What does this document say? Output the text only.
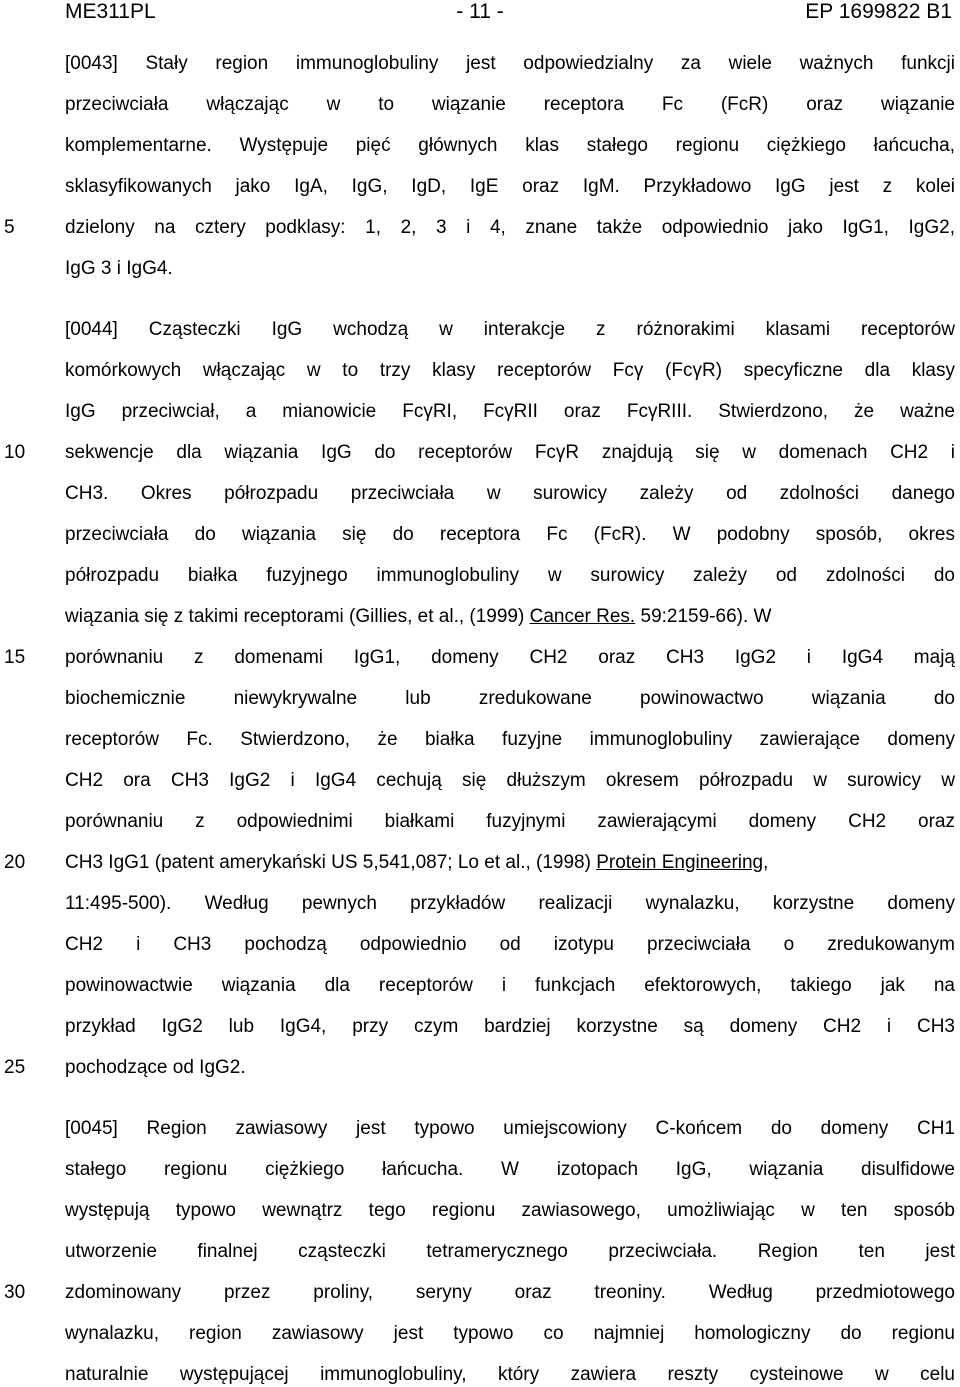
ME311PL	- 11 -	EP 1699822 B1
[0043] Stały region immunoglobuliny jest odpowiedzialny za wiele ważnych funkcji
przeciwciała włączając w to wiązanie receptora Fc (FcR) oraz wiązanie
komplementarne. Występuje pięć głównych klas stałego regionu ciężkiego łańcucha,
sklasyfikowanych jako IgA, IgG, IgD, IgE oraz IgM. Przykładowo IgG jest z kolei
dzielony na cztery podklasy: 1, 2, 3 i 4, znane także odpowiednio jako IgG1, IgG2,
IgG 3 i IgG4.
[0044] Cząsteczki IgG wchodzą w interakcje z różnorakimi klasami receptorów
komórkowych włączając w to trzy klasy receptorów Fcγ (FcγR) specyficzne dla klasy
IgG przeciwciał, a mianowicie FcγRI, FcγRII oraz FcγRIII. Stwierdzono, że ważne
sekwencje dla wiązania IgG do receptorów FcγR znajdują się w domenach CH2 i
CH3. Okres półrozpadu przeciwciała w surowicy zależy od zdolności danego
przeciwciała do wiązania się do receptora Fc (FcR). W podobny sposób, okres
półrozpadu białka fuzyjnego immunoglobuliny w surowicy zależy od zdolności do
wiązania się z takimi receptorami (Gillies, et al., (1999) Cancer Res. 59:2159-66). W
porównaniu z domenami IgG1, domeny CH2 oraz CH3 IgG2 i IgG4 mają
biochemicznie niewykrywalne lub zredukowane powinowactwo wiązania do
receptorów Fc. Stwierdzono, że białka fuzyjne immunoglobuliny zawierające domeny
CH2 ora CH3 IgG2 i IgG4 cechują się dłuższym okresem półrozpadu w surowicy w
porównaniu z odpowiednimi białkami fuzyjnymi zawierającymi domeny CH2 oraz
CH3 IgG1 (patent amerykański US 5,541,087; Lo et al., (1998) Protein Engineering,
11:495-500). Według pewnych przykładów realizacji wynalazku, korzystne domeny
CH2 i CH3 pochodzą odpowiednio od izotypu przeciwciała o zredukowanym
powinowactwie wiązania dla receptorów i funkcjach efektorowych, takiego jak na
przykład IgG2 lub IgG4, przy czym bardziej korzystne są domeny CH2 i CH3
pochodzące od IgG2.
[0045] Region zawiasowy jest typowo umiejscowiony C-końcem do domeny CH1
stałego regionu ciężkiego łańcucha. W izotopach IgG, wiązania disulfidowe
występują typowo wewnątrz tego regionu zawiasowego, umożliwiając w ten sposób
utworzenie finalnej cząsteczki tetramerycznego przeciwciała. Region ten jest
zdominowany przez proliny, seryny oraz treoniny. Według przedmiotowego
wynalazku, region zawiasowy jest typowo co najmniej homologiczny do regionu
naturalnie występującej immunoglobuliny, który zawiera reszty cysteinowe w celu
5
10
15
20
25
30
